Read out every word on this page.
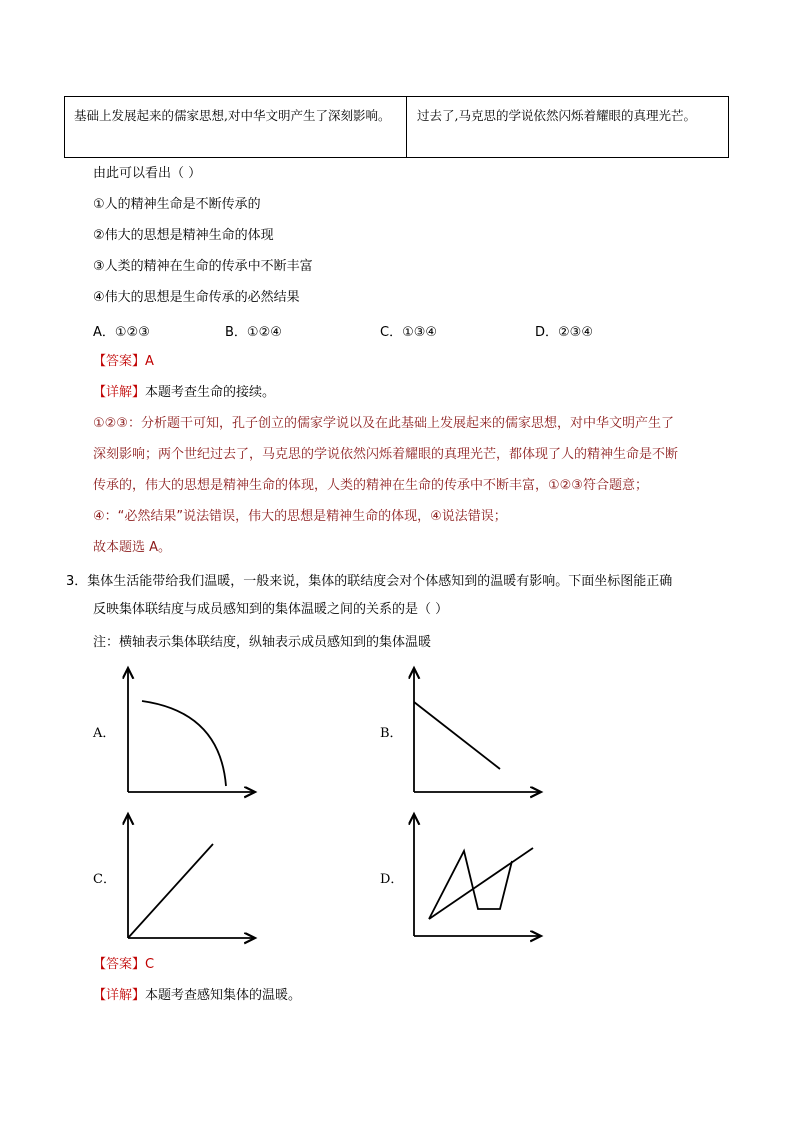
基础上发展起来的儒家思想,对中华文明产生了深刻影响。	过去了,马克思的学说依然闪烁着耀眼的真理光芒。
由此可以看出（ ）
①人的精神生命是不断传承的
②伟大的思想是精神生命的体现
③人类的精神在生命的传承中不断丰富
④伟大的思想是生命传承的必然结果
A．①②③	B．①②④	C．①③④	D．②③④
【答案】A
【详解】本题考查生命的接续。
①②③：分析题干可知，孔子创立的儒家学说以及在此基础上发展起来的儒家思想，对中华文明产生了
深刻影响；两个世纪过去了，马克思的学说依然闪烁着耀眼的真理光芒，都体现了人的精神生命是不断
传承的，伟大的思想是精神生命的体现，人类的精神在生命的传承中不断丰富，①②③符合题意；
④：“必然结果”说法错误，伟大的思想是精神生命的体现，④说法错误；
故本题选 A。
3．集体生活能带给我们温暖，一般来说，集体的联结度会对个体感知到的温暖有影响。下面坐标图能正确
反映集体联结度与成员感知到的集体温暖之间的关系的是（ ）
注：横轴表示集体联结度，纵轴表示成员感知到的集体温暖
A．	B．
C．	D．
【答案】C
【详解】本题考查感知集体的温暖。
